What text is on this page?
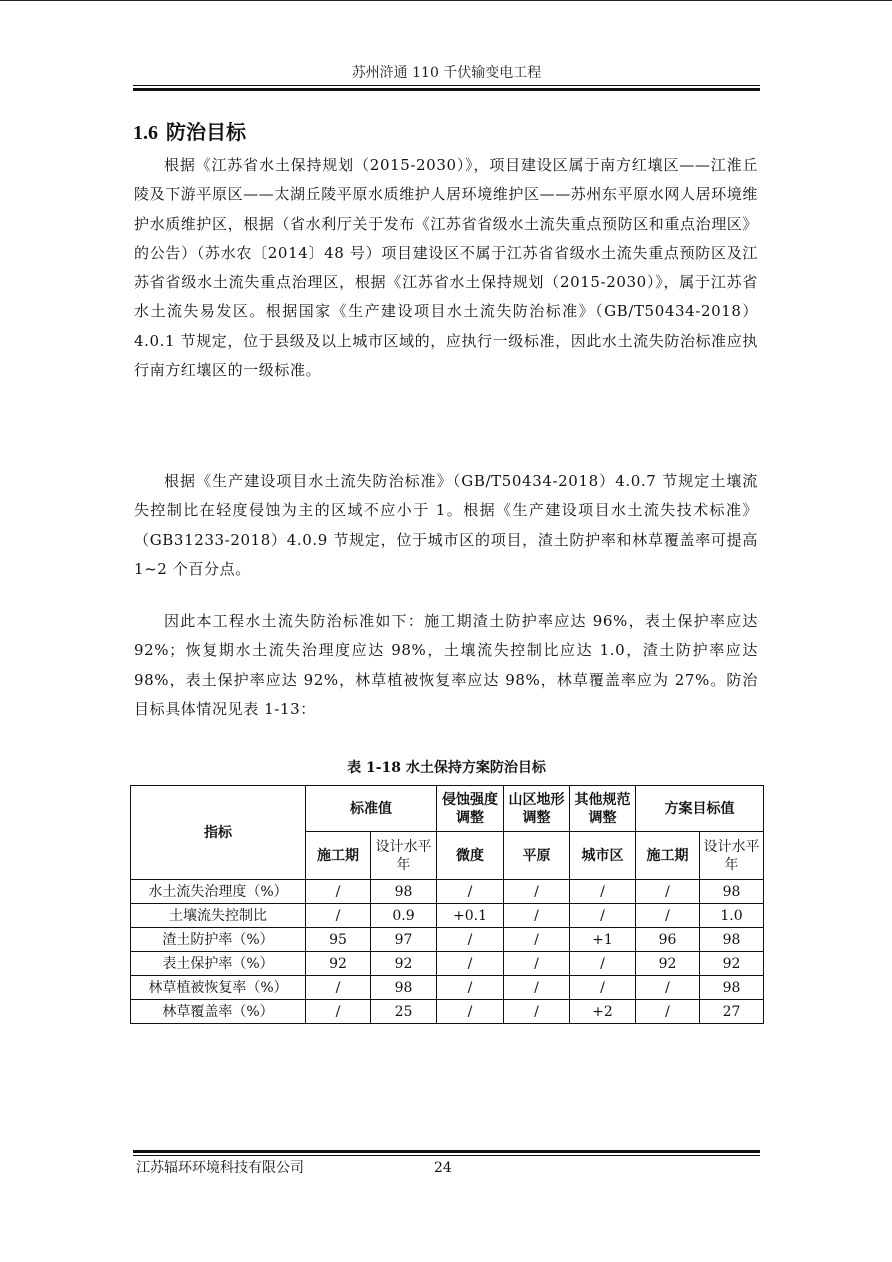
苏州浒通 110 千伏输变电工程
1.6 防治目标

根据《江苏省水土保持规划（2015-2030）》，项目建设区属于南方红壤区——江淮丘陵及下游平原区——太湖丘陵平原水质维护人居环境维护区——苏州东平原水网人居环境维护水质维护区，根据（省水利厅关于发布《江苏省省级水土流失重点预防区和重点治理区》的公告）（苏水农〔2014〕48 号）项目建设区不属于江苏省省级水土流失重点预防区及江苏省省级水土流失重点治理区，根据《江苏省水土保持规划（2015-2030）》，属于江苏省水土流失易发区。根据国家《生产建设项目水土流失防治标准》（GB/T50434-2018）4.0.1 节规定，位于县级及以上城市区域的，应执行一级标准，因此水土流失防治标准应执行南方红壤区的一级标准。

根据《生产建设项目水土流失防治标准》（GB/T50434-2018）4.0.7 节规定土壤流失控制比在轻度侵蚀为主的区域不应小于 1。根据《生产建设项目水土流失技术标准》（GB31233-2018）4.0.9 节规定，位于城市区的项目，渣土防护率和林草覆盖率可提高 1~2 个百分点。

因此本工程水土流失防治标准如下：施工期渣土防护率应达 96%，表土保护率应达 92%；恢复期水土流失治理度应达 98%，土壤流失控制比应达 1.0，渣土防护率应达 98%，表土保护率应达 92%，林草植被恢复率应达 98%，林草覆盖率应为 27%。防治目标具体情况见表 1-13：

表 1-18 水土保持方案防治目标
指标	标准值		侵蚀强度调整	山区地形调整	其他规范调整	方案目标值	
	施工期	设计水平年	微度	平原	城市区	施工期	设计水平年
水土流失治理度（%）	/	98	/	/	/	/	98
土壤流失控制比	/	0.9	+0.1	/	/	/	1.0
渣土防护率（%）	95	97	/	/	+1	96	98
表土保护率（%）	92	92	/	/	/	92	92
林草植被恢复率（%）	/	98	/	/	/	/	98
林草覆盖率（%）	/	25	/	/	+2	/	27
江苏辐环环境科技有限公司	24
